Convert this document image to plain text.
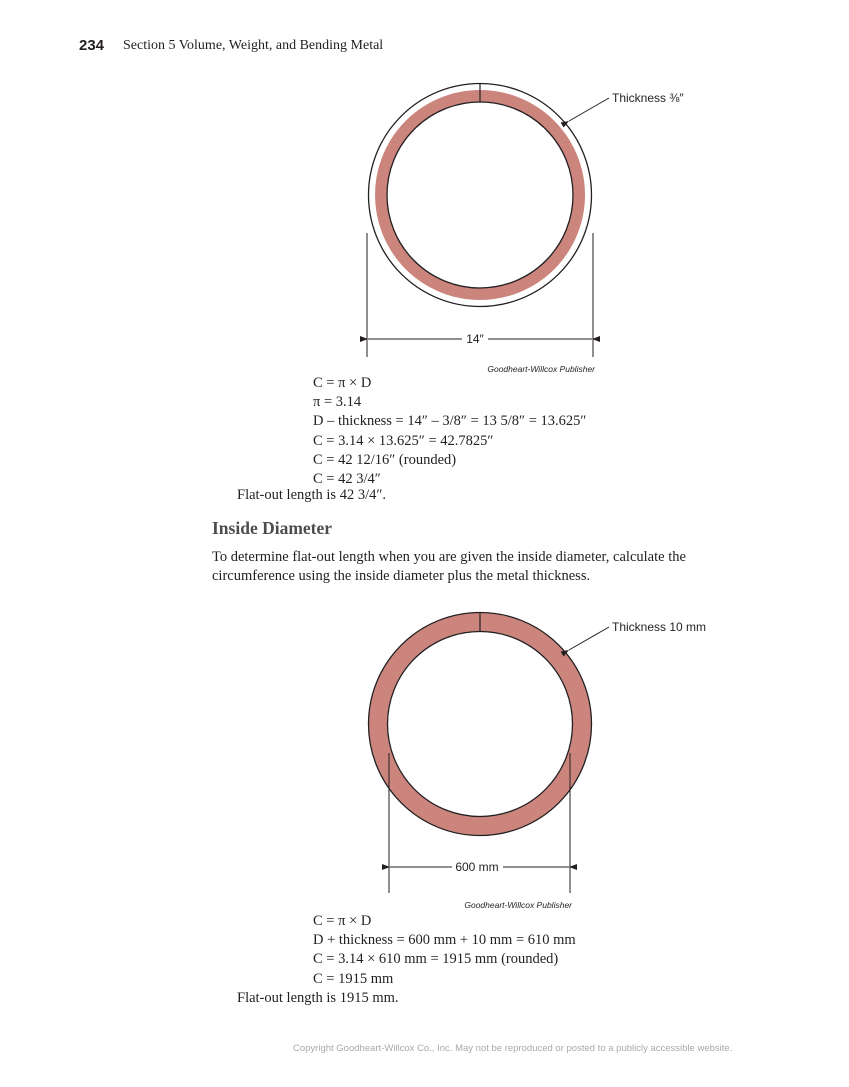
234 Section 5 Volume, Weight, and Bending Metal
Thickness ⅜″
14″
Goodheart-Willcox Publisher
C = π × D
π = 3.14
D – thickness = 14″ – 3/8″ = 13 5/8″ = 13.625″
C = 3.14 × 13.625″ = 42.7825″
C = 42 12/16″ (rounded)
C = 42 3/4″
Flat-out length is 42 3/4″.
Inside Diameter
To determine flat-out length when you are given the inside diameter, calculate the circumference using the inside diameter plus the metal thickness.
Thickness 10 mm
600 mm
Goodheart-Willcox Publisher
C = π × D
D + thickness = 600 mm + 10 mm = 610 mm
C = 3.14 × 610 mm = 1915 mm (rounded)
C = 1915 mm
Flat-out length is 1915 mm.
Copyright Goodheart-Willcox Co., Inc. May not be reproduced or posted to a publicly accessible website.
